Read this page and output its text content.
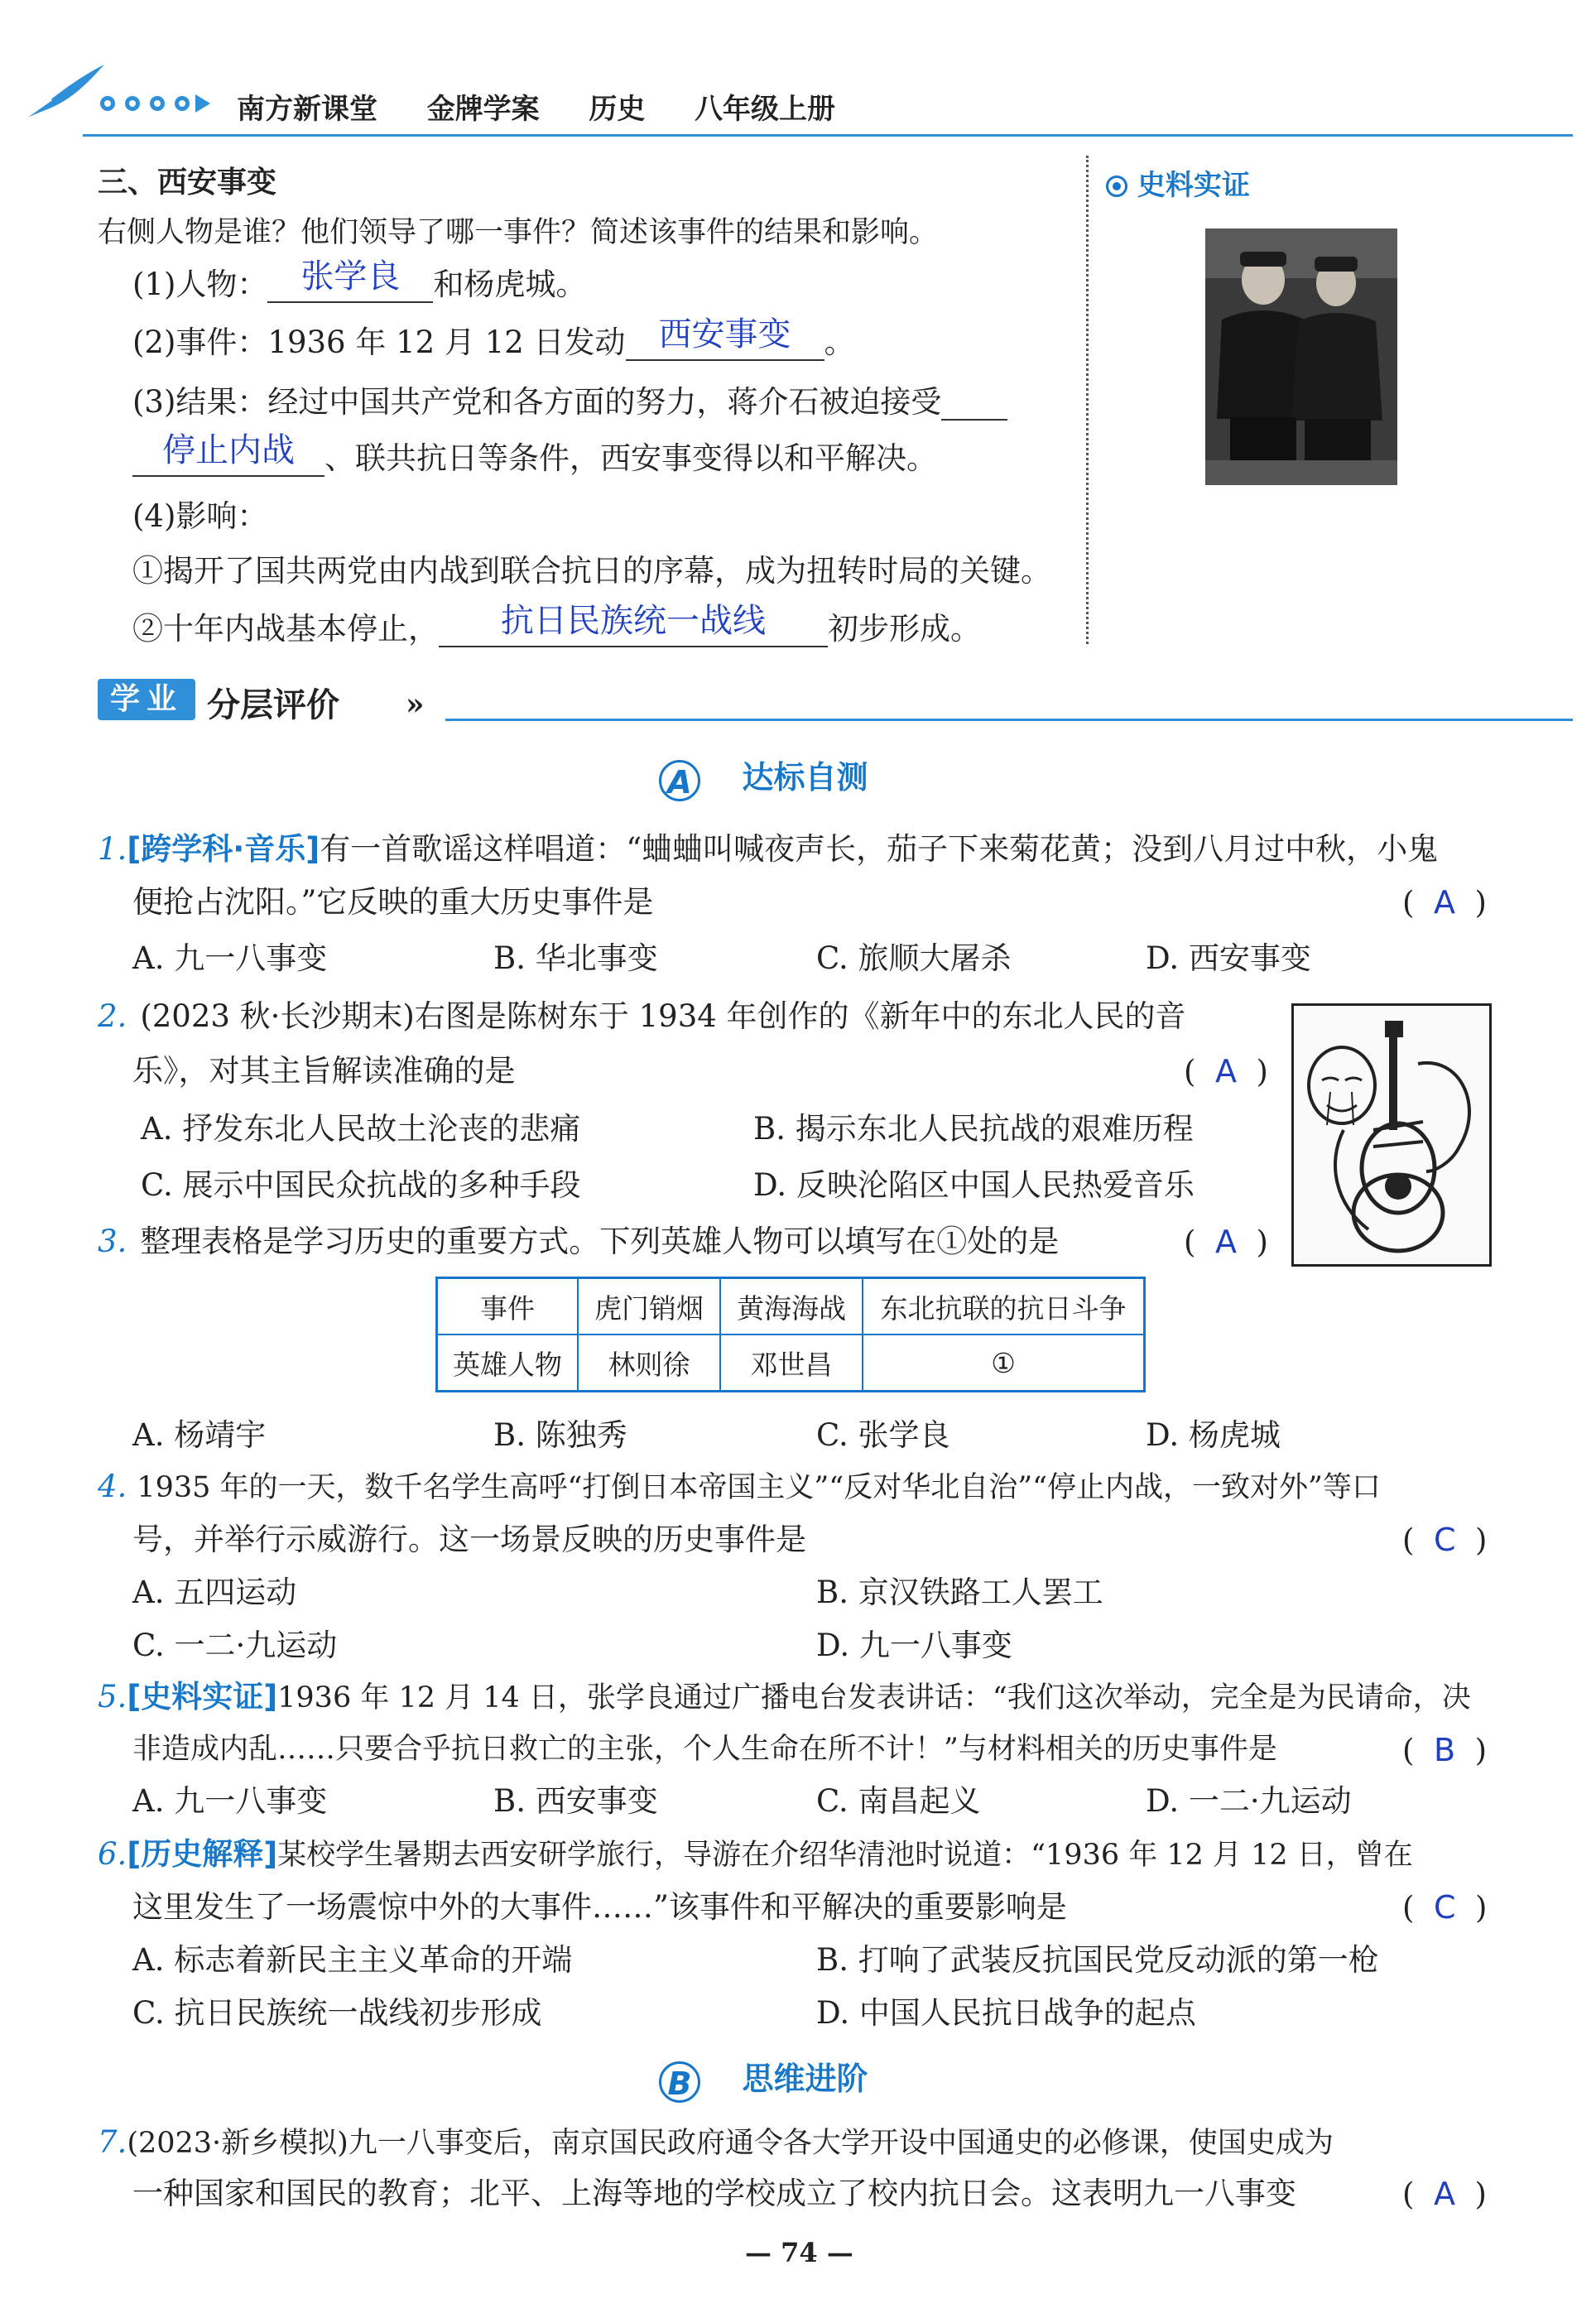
南方新课堂 金牌学案 历史 八年级上册
三、西安事变
右侧人物是谁？他们领导了哪一事件？简述该事件的结果和影响。
(1)人物：	张学良	和杨虎城。
(2)事件：1936 年 12 月 12 日发动	西安事变	。
(3)结果：经过中国共产党和各方面的努力，蒋介石被迫接受
停止内战 、联共抗日等条件，西安事变得以和平解决。
(4)影响：
①揭开了国共两党由内战到联合抗日的序幕，成为扭转时局的关键。
②十年内战基本停止，	抗日民族统一战线	初步形成。
史料实证
学业 分层评价 »
A 达标自测
1.[跨学科·音乐]有一首歌谣这样唱道：“蛐蛐叫喊夜声长，茄子下来菊花黄；没到八月过中秋，小鬼
便抢占沈阳。”它反映的重大历史事件是	(  A  )
A. 九一八事变	B. 华北事变	C. 旅顺大屠杀	D. 西安事变
2. (2023 秋·长沙期末)右图是陈树东于 1934 年创作的《新年中的东北人民的音
乐》，对其主旨解读准确的是	(  A  )
A. 抒发东北人民故土沦丧的悲痛	B. 揭示东北人民抗战的艰难历程
C. 展示中国民众抗战的多种手段	D. 反映沦陷区中国人民热爱音乐
3. 整理表格是学习历史的重要方式。下列英雄人物可以填写在①处的是	(  A  )
事件	虎门销烟	黄海海战	东北抗联的抗日斗争
英雄人物	林则徐	邓世昌	①
A. 杨靖宇	B. 陈独秀	C. 张学良	D. 杨虎城
4. 1935 年的一天，数千名学生高呼“打倒日本帝国主义”“反对华北自治”“停止内战，一致对外”等口
号，并举行示威游行。这一场景反映的历史事件是	(  C  )
A. 五四运动	B. 京汉铁路工人罢工
C. 一二·九运动	D. 九一八事变
5.[史料实证]1936 年 12 月 14 日，张学良通过广播电台发表讲话：“我们这次举动，完全是为民请命，决
非造成内乱……只要合乎抗日救亡的主张，个人生命在所不计！”与材料相关的历史事件是	(  B  )
A. 九一八事变	B. 西安事变	C. 南昌起义	D. 一二·九运动
6.[历史解释]某校学生暑期去西安研学旅行，导游在介绍华清池时说道：“1936 年 12 月 12 日，曾在
这里发生了一场震惊中外的大事件……”该事件和平解决的重要影响是	(  C  )
A. 标志着新民主主义革命的开端	B. 打响了武装反抗国民党反动派的第一枪
C. 抗日民族统一战线初步形成	D. 中国人民抗日战争的起点
B 思维进阶
7.(2023·新乡模拟)九一八事变后，南京国民政府通令各大学开设中国通史的必修课，使国史成为
一种国家和国民的教育；北平、上海等地的学校成立了校内抗日会。这表明九一八事变	(  A  )
— 74 —
